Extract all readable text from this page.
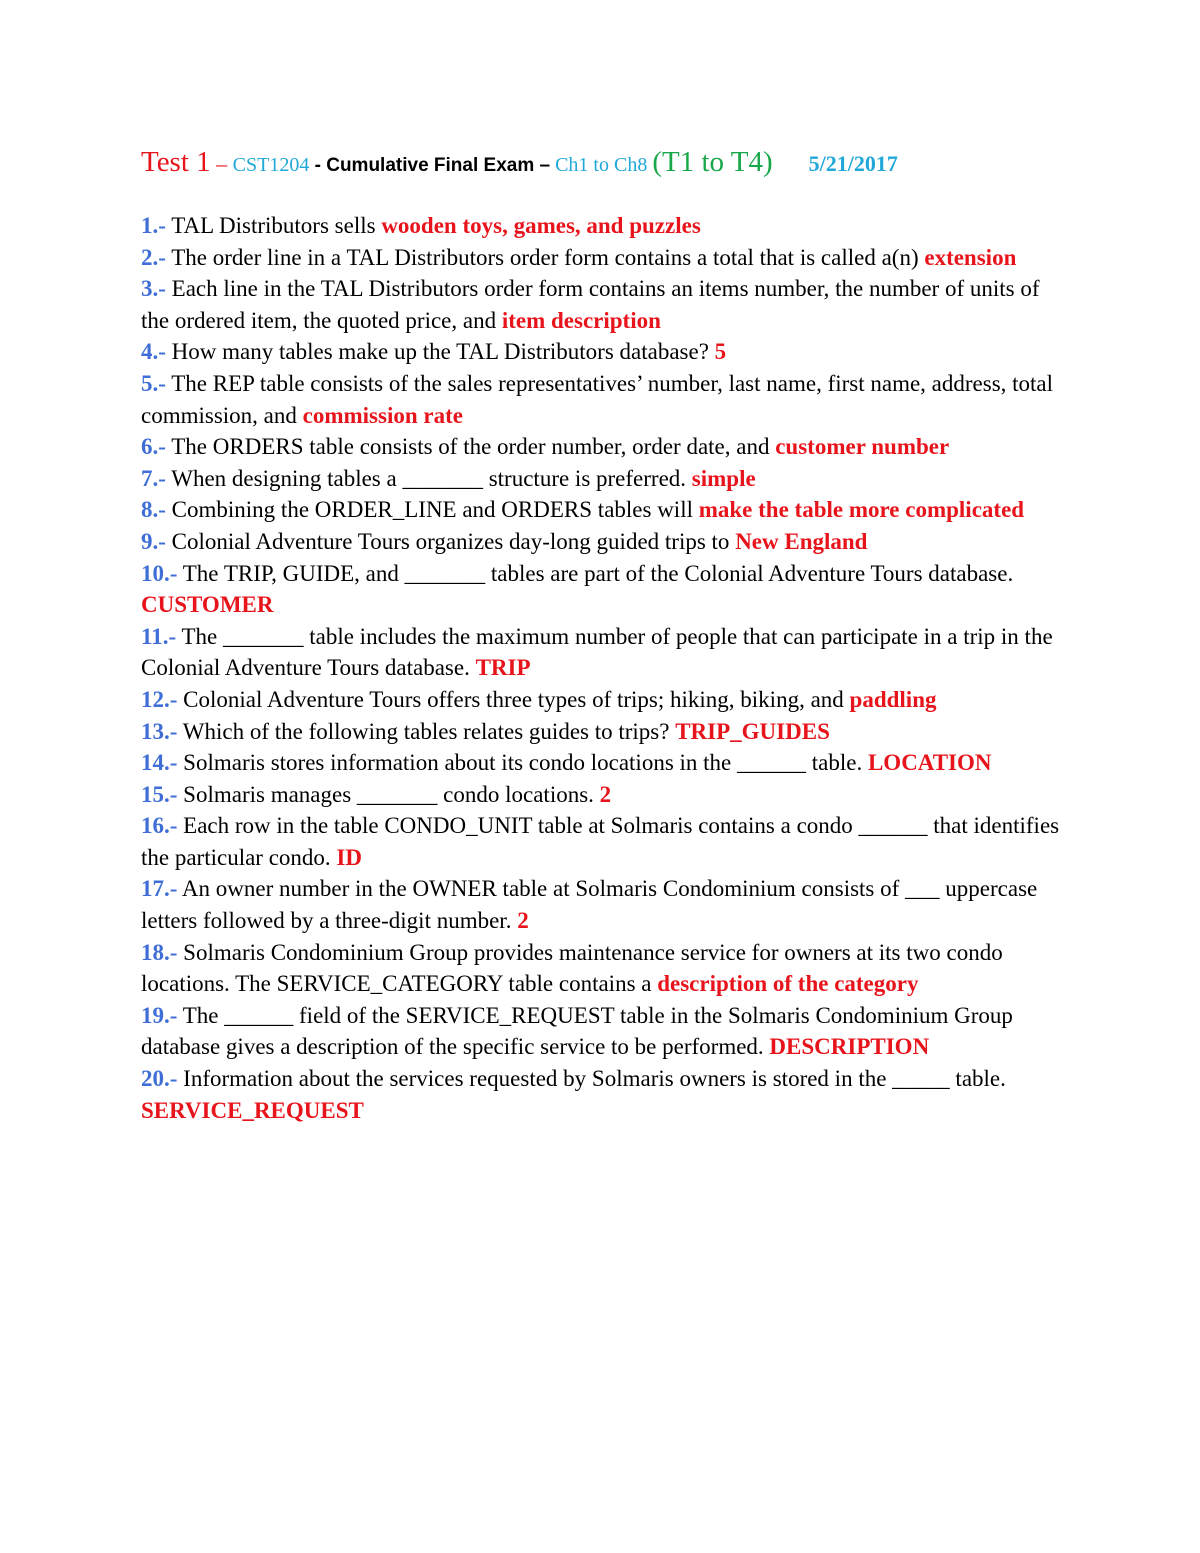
Test 1 – CST1204 - Cumulative Final Exam – Ch1 to Ch8 (T1 to T4) 5/21/2017
1.- TAL Distributors sells wooden toys, games, and puzzles
2.- The order line in a TAL Distributors order form contains a total that is called a(n) extension
3.- Each line in the TAL Distributors order form contains an items number, the number of units of the ordered item, the quoted price, and item description
4.- How many tables make up the TAL Distributors database? 5
5.- The REP table consists of the sales representatives’ number, last name, first name, address, total commission, and commission rate
6.- The ORDERS table consists of the order number, order date, and customer number
7.- When designing tables a _______ structure is preferred. simple
8.- Combining the ORDER_LINE and ORDERS tables will make the table more complicated
9.- Colonial Adventure Tours organizes day-long guided trips to New England
10.- The TRIP, GUIDE, and _______ tables are part of the Colonial Adventure Tours database. CUSTOMER
11.- The _______ table includes the maximum number of people that can participate in a trip in the Colonial Adventure Tours database. TRIP
12.- Colonial Adventure Tours offers three types of trips; hiking, biking, and paddling
13.- Which of the following tables relates guides to trips? TRIP_GUIDES
14.- Solmaris stores information about its condo locations in the ______ table. LOCATION
15.- Solmaris manages _______ condo locations. 2
16.- Each row in the table CONDO_UNIT table at Solmaris contains a condo ______ that identifies the particular condo. ID
17.- An owner number in the OWNER table at Solmaris Condominium consists of ___ uppercase letters followed by a three-digit number. 2
18.- Solmaris Condominium Group provides maintenance service for owners at its two condo locations. The SERVICE_CATEGORY table contains a description of the category
19.- The ______ field of the SERVICE_REQUEST table in the Solmaris Condominium Group database gives a description of the specific service to be performed. DESCRIPTION
20.- Information about the services requested by Solmaris owners is stored in the _____ table. SERVICE_REQUEST
